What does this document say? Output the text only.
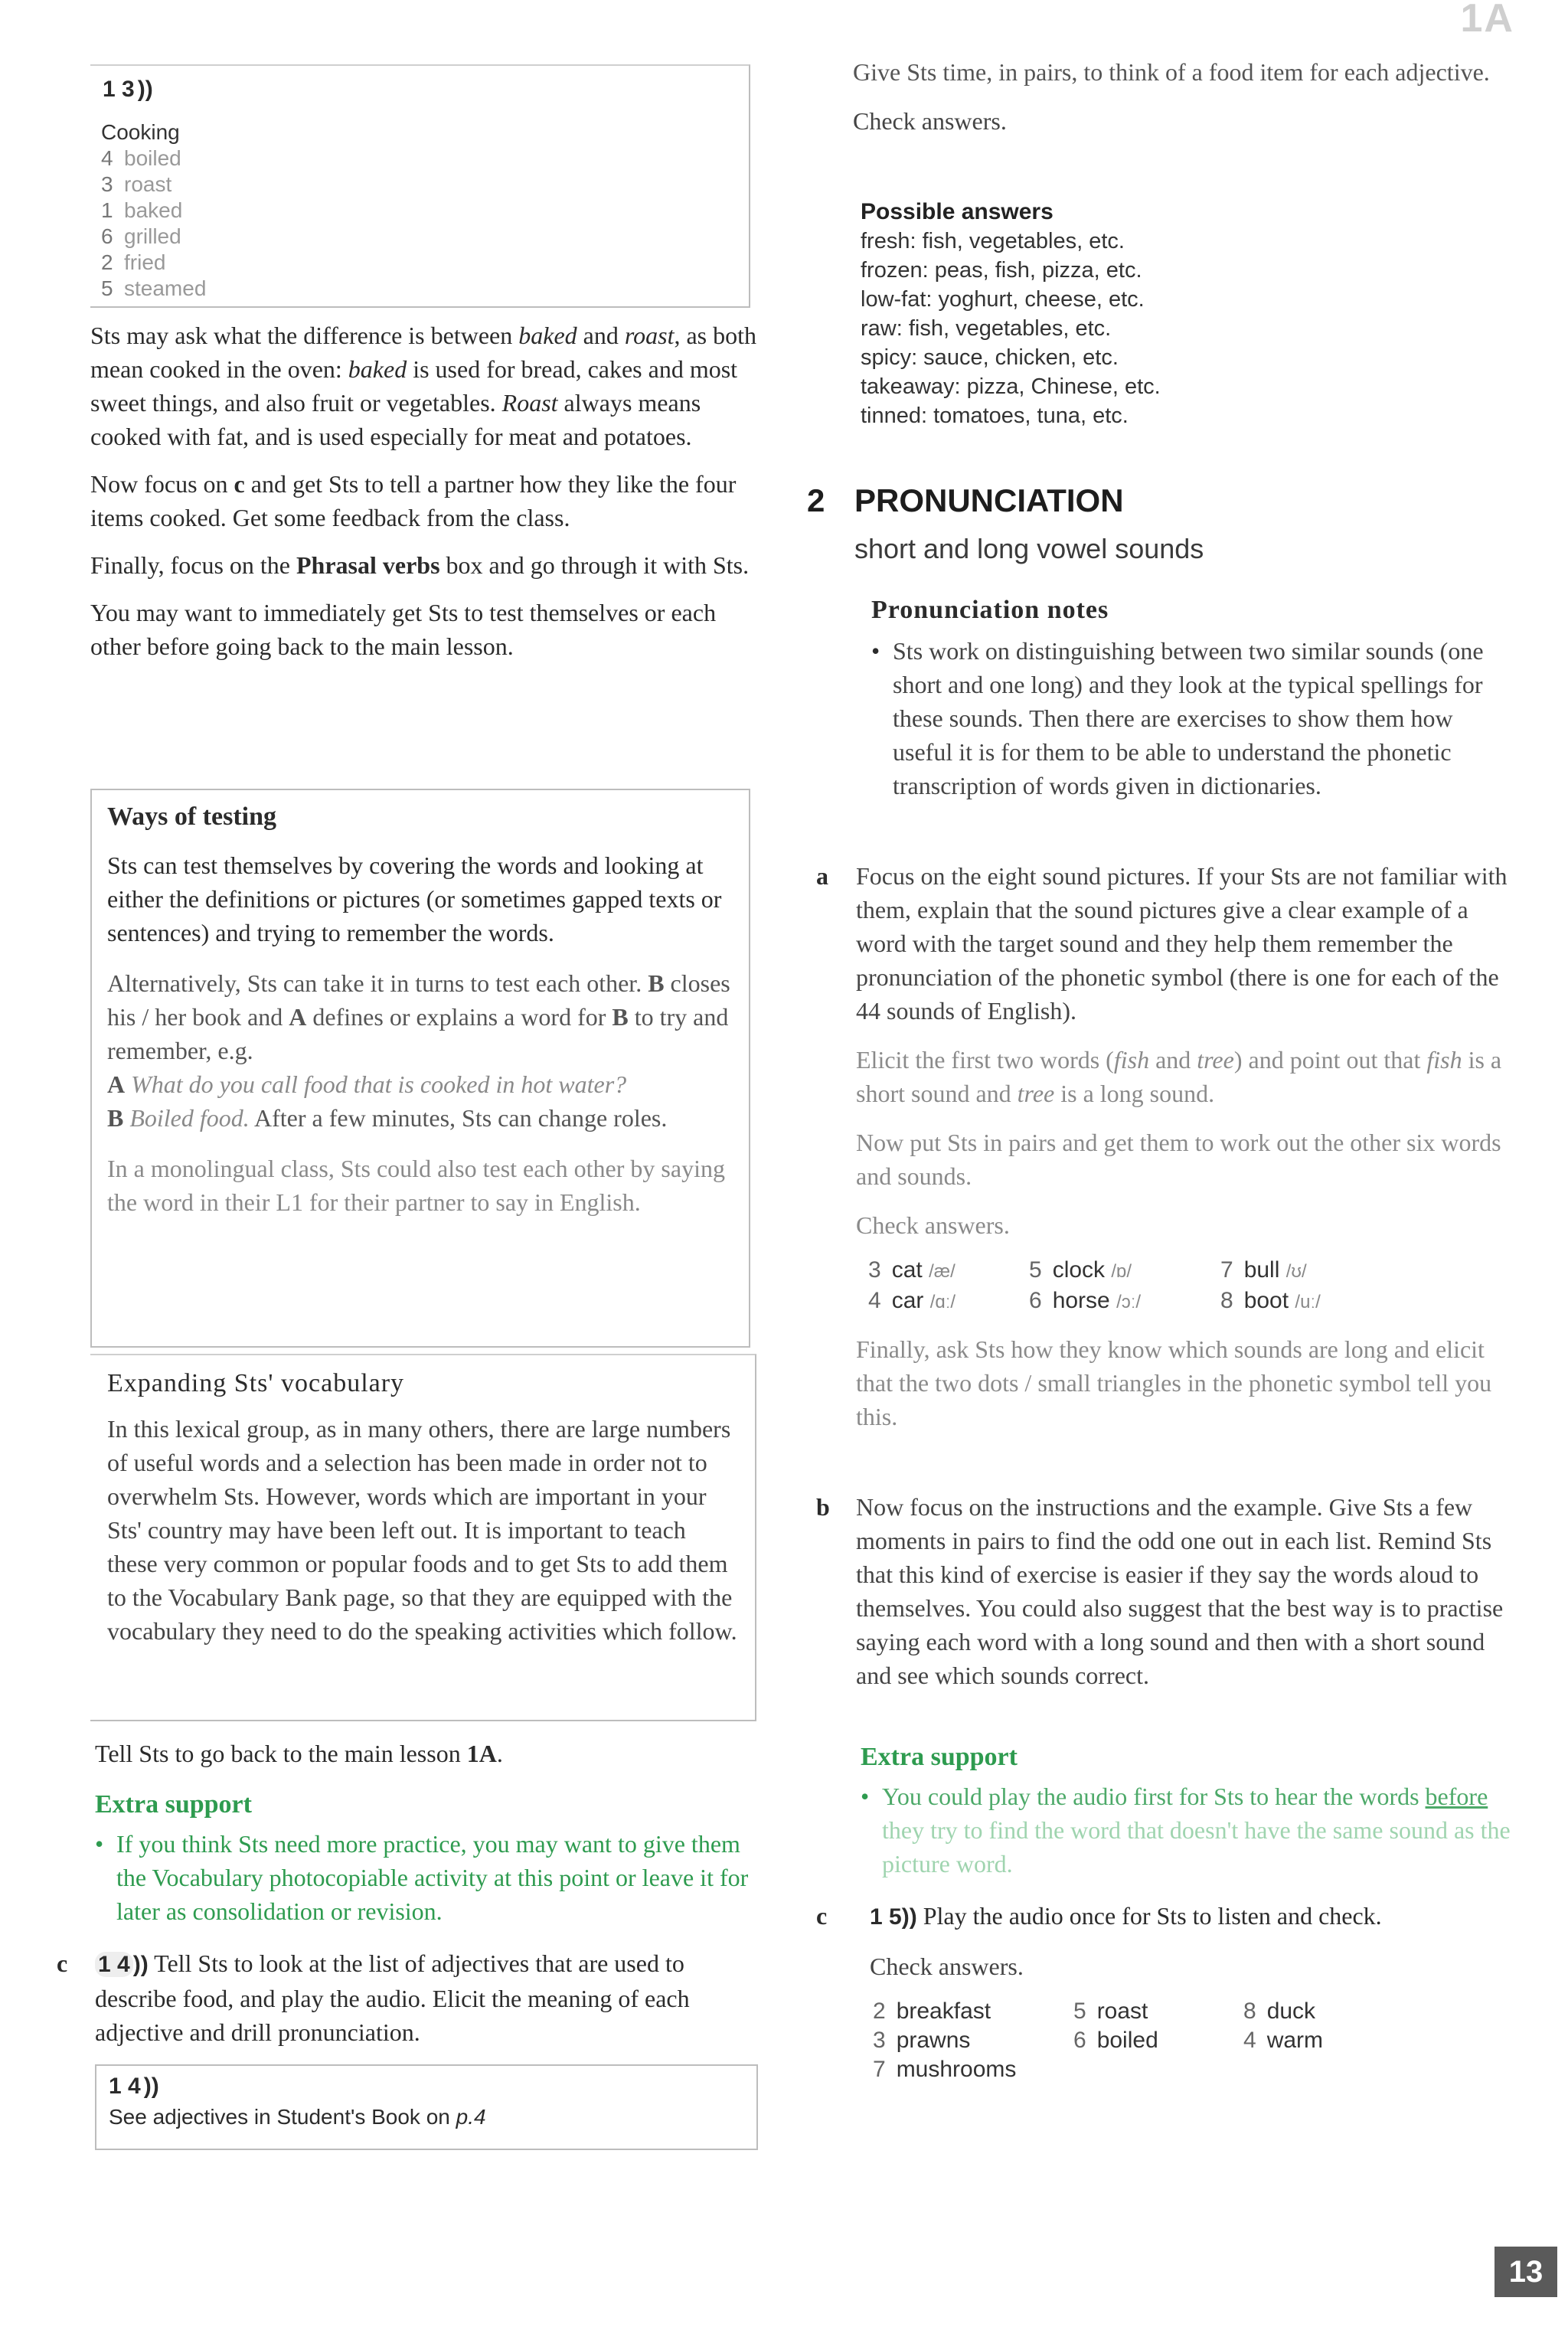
1A
13
1 3 ))
Cooking
4 boiled
3 roast
1 baked
6 grilled
2 fried
5 steamed

Sts may ask what the difference is between baked and roast, as both mean cooked in the oven: baked is used for bread, cakes and most sweet things, and also fruit or vegetables. Roast always means cooked with fat, and is used especially for meat and potatoes.

Now focus on c and get Sts to tell a partner how they like the four items cooked. Get some feedback from the class.

Finally, focus on the Phrasal verbs box and go through it with Sts.

You may want to immediately get Sts to test themselves or each other before going back to the main lesson.

Ways of testing

Sts can test themselves by covering the words and looking at either the definitions or pictures (or sometimes gapped texts or sentences) and trying to remember the words.

Alternatively, Sts can take it in turns to test each other. B closes his / her book and A defines or explains a word for B to try and remember, e.g.
A What do you call food that is cooked in hot water?
B Boiled food. After a few minutes, Sts can change roles.

In a monolingual class, Sts could also test each other by saying the word in their L1 for their partner to say in English.

Expanding Sts' vocabulary

In this lexical group, as in many others, there are large numbers of useful words and a selection has been made in order not to overwhelm Sts. However, words which are important in your Sts' country may have been left out. It is important to teach these very common or popular foods and to get Sts to add them to the Vocabulary Bank page, so that they are equipped with the vocabulary they need to do the speaking activities which follow.

Tell Sts to go back to the main lesson 1A.

Extra support
• If you think Sts need more practice, you may want to give them the Vocabulary photocopiable activity at this point or leave it for later as consolidation or revision.

c 1 4 )) Tell Sts to look at the list of adjectives that are used to describe food, and play the audio. Elicit the meaning of each adjective and drill pronunciation.

1 4 ))
See adjectives in Student's Book on p.4

Give Sts time, in pairs, to think of a food item for each adjective.

Check answers.

Possible answers
fresh: fish, vegetables, etc.
frozen: peas, fish, pizza, etc.
low-fat: yoghurt, cheese, etc.
raw: fish, vegetables, etc.
spicy: sauce, chicken, etc.
takeaway: pizza, Chinese, etc.
tinned: tomatoes, tuna, etc.
2 PRONUNCIATION
short and long vowel sounds
Pronunciation notes
• Sts work on distinguishing between two similar sounds (one short and one long) and they look at the typical spellings for these sounds. Then there are exercises to show them how useful it is for them to be able to understand the phonetic transcription of words given in dictionaries.

a Focus on the eight sound pictures. If your Sts are not familiar with them, explain that the sound pictures give a clear example of a word with the target sound and they help them remember the pronunciation of the phonetic symbol (there is one for each of the 44 sounds of English).

Elicit the first two words (fish and tree) and point out that fish is a short sound and tree is a long sound.

Now put Sts in pairs and get them to work out the other six words and sounds.

Check answers.

3 cat /æ/	5 clock /ɒ/	7 bull /ʊ/
4 car /ɑː/	6 horse /ɔː/	8 boot /uː/

Finally, ask Sts how they know which sounds are long and elicit that the two dots / small triangles in the phonetic symbol tell you this.

b Now focus on the instructions and the example. Give Sts a few moments in pairs to find the odd one out in each list. Remind Sts that this kind of exercise is easier if they say the words aloud to themselves. You could also suggest that the best way is to practise saying each word with a long sound and then with a short sound and see which sounds correct.

Extra support
• You could play the audio first for Sts to hear the words before they try to find the word that doesn't have the same sound as the picture word.

c 1 5)) Play the audio once for Sts to listen and check.

Check answers.

2 breakfast	5 roast	8 duck
3 prawns	6 boiled	4 warm
7 mushrooms
